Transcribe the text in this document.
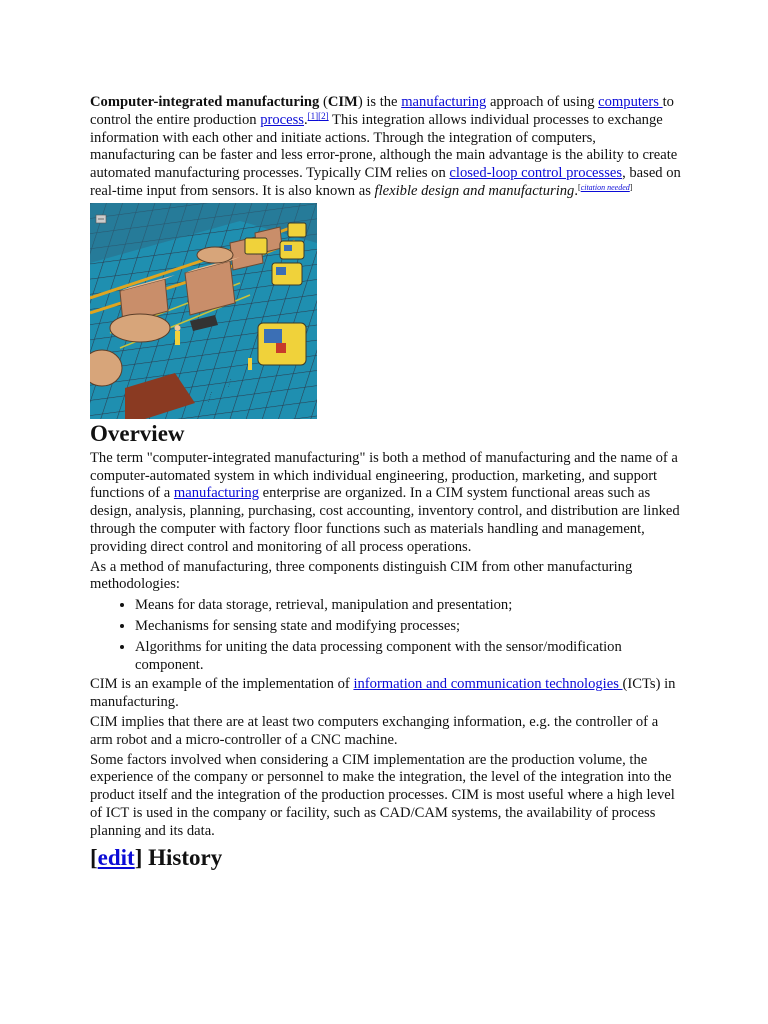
Computer-integrated manufacturing (CIM) is the manufacturing approach of using computers to control the entire production process.[1][2] This integration allows individual processes to exchange information with each other and initiate actions. Through the integration of computers, manufacturing can be faster and less error-prone, although the main advantage is the ability to create automated manufacturing processes. Typically CIM relies on closed-loop control processes, based on real-time input from sensors. It is also known as flexible design and manufacturing.[citation needed]

·····
····
Overview

The term "computer-integrated manufacturing" is both a method of manufacturing and the name of a computer-automated system in which individual engineering, production, marketing, and support functions of a manufacturing enterprise are organized. In a CIM system functional areas such as design, analysis, planning, purchasing, cost accounting, inventory control, and distribution are linked through the computer with factory floor functions such as materials handling and management, providing direct control and monitoring of all process operations.

As a method of manufacturing, three components distinguish CIM from other manufacturing methodologies:

• Means for data storage, retrieval, manipulation and presentation;
• Mechanisms for sensing state and modifying processes;
• Algorithms for uniting the data processing component with the sensor/modification component.

CIM is an example of the implementation of information and communication technologies (ICTs) in manufacturing.

CIM implies that there are at least two computers exchanging information, e.g. the controller of a arm robot and a micro-controller of a CNC machine.

Some factors involved when considering a CIM implementation are the production volume, the experience of the company or personnel to make the integration, the level of the integration into the product itself and the integration of the production processes. CIM is most useful where a high level of ICT is used in the company or facility, such as CAD/CAM systems, the availability of process planning and its data.

[edit] History
